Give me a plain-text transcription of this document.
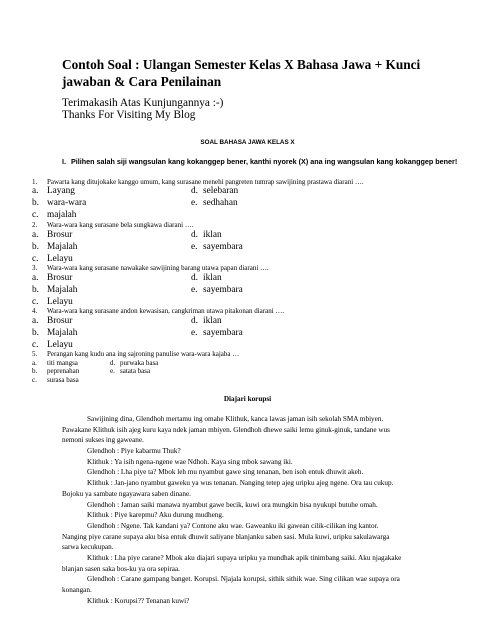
Contoh Soal : Ulangan Semester Kelas X Bahasa Jawa + Kunci jawaban & Cara Penilainan
Terimakasih Atas Kunjungannya :-)
Thanks For Visiting My Blog
SOAL BAHASA JAWA KELAS X
I. Pilihen salah siji wangsulan kang kokanggep bener, kanthi nyorek (X) ana ing wangsulan kang kokanggep bener!
1. Pawarta kang ditujokake kanggo umum, kang surasane menehi pangreten tumrap sawijining prastawa diarani ….
a. Layang	d. selebaran
b. wara-wara	e. sedhahan
c. majalah
2. Wara-wara kang surasane bela sungkawa diarani ….
a. Brosur	d. iklan
b. Majalah	e. sayembara
c. Lelayu
3. Wara-wara kang surasane nawakake sawijining barang utawa papan diarani ….
a. Brosur	d. iklan
b. Majalah	e. sayembara
c. Lelayu
4. Wara-wara kang surasane andon kewasisan, cangkriman utawa pitakonan diarani ….
a. Brosur	d. iklan
b. Majalah	e. sayembara
c. Lelayu
5. Perangan kang kudu ana ing sajroning panulise wara-wara kajaba …
a. titi mangsa	d. purwaka basa
b. peprenahan	e. satata basa
c. surasa basa
Diajari korupsi
Sawijining dina, Glendhoh mertamu ing omahe Klithuk, kanca lawas jaman isih sekolah SMA mbiyen.
Pawakane Klithuk isih ajeg kuru kaya ndek jaman mbiyen. Glendhoh dhewe saiki lemu ginuk-ginuk, tandane wus
nemoni sukses ing gaweane.
Glendhoh : Piye kabarmu Thuk?
Klithuk : Ya isih ngena-ngene wae Ndhoh. Kaya sing mbok sawang iki.
Glendhoh : Lha piye ta? Mbok leh mu nyambut gawe sing tenanan, ben isoh entuk dhuwit akeh.
Klithuk : Jan-jano nyambut gaweku ya wus tenanan. Nanging tetep ajeg uripku ajeg ngene. Ora tau cukup.
Bojoku ya sambate ngayawara saben dinane.
Glendhoh : Jaman saiki manawa nyambut gawe becik, kuwi ora mungkin bisa nyukupi butuhe omah.
Klithuk : Piye karepmu? Aku durung mudheng.
Glendhoh : Ngene. Tak kandani ya? Contone aku wae. Gaweanku iki gawean cilik-cilikan ing kantor.
Nanging piye carane supaya aku bisa entuk dhuwit saliyane blanjanku saben sasi. Mula kuwi, uripku sakulawarga
sarwa kecukupan.
Klithuk : Lha piye carane? Mbok aku diajari supaya uripku ya mundhak apik tinimbang saiki. Aku njagakake
blanjan sasen saka bos-ku ya ora sepiraa.
Glendhoh : Carane gampang banget. Korupsi. Njajala korupsi, sithik sithik wae. Sing cilikan wae supaya ora
konangan.
Klithuk : Korupsi?? Tenanan kuwi?
